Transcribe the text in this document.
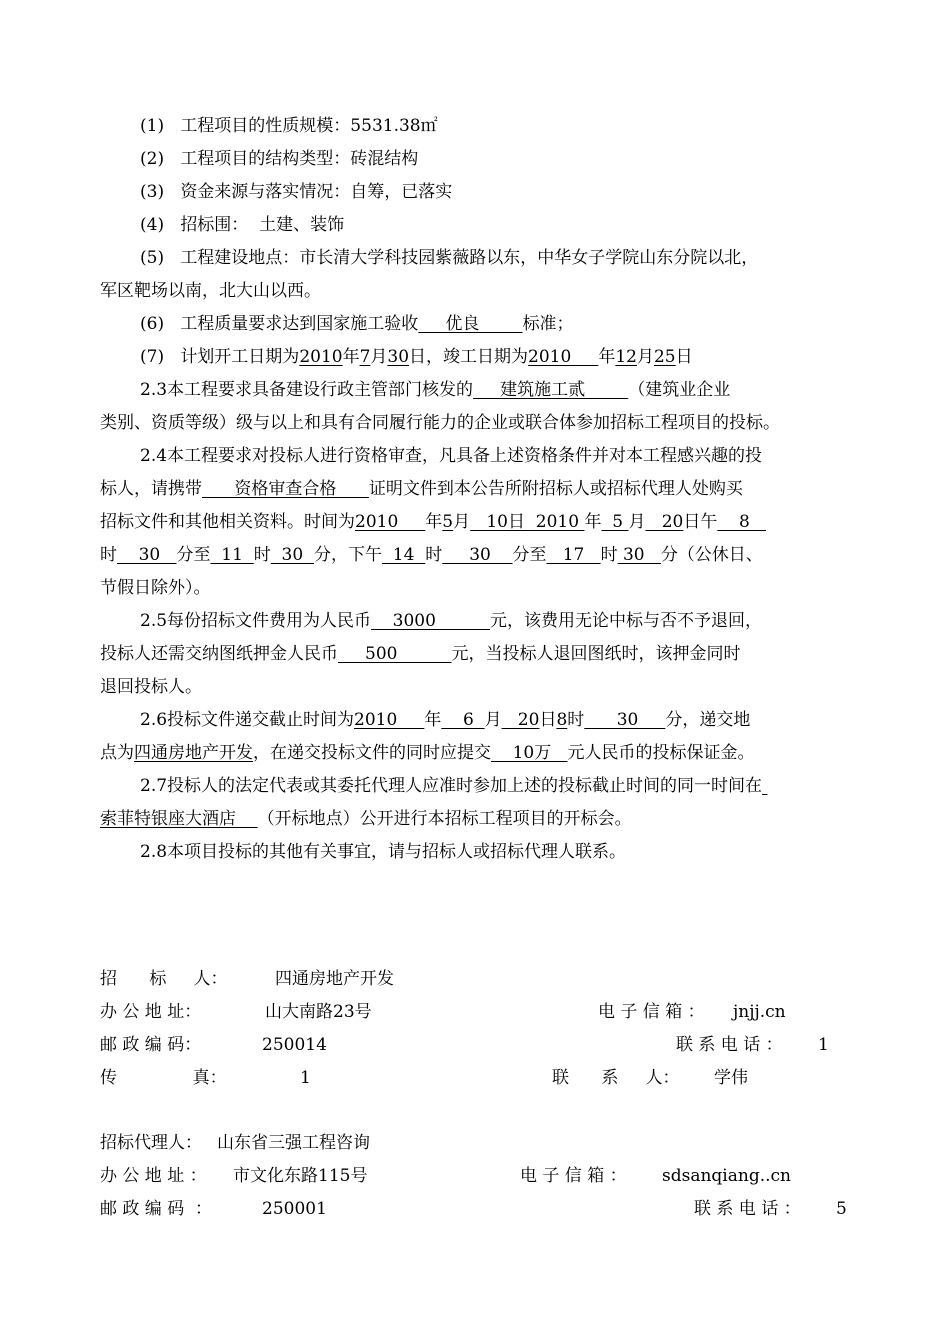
(1) 工程项目的性质规模：5531.38㎡
(2) 工程项目的结构类型：砖混结构
(3) 资金来源与落实情况：自筹，已落实
(4) 招标围：  土建、装饰
(5) 工程建设地点：市长清大学科技园紫薇路以东，中华女子学院山东分院以北，
军区靶场以南，北大山以西。
(6) 工程质量要求达到国家施工验收     优良        标准；
(7) 计划开工日期为2010年7月30日，竣工日期为2010     年12月25日
2.3本工程要求具备建设行政主管部门核发的     建筑施工贰        （建筑业企业
类别、资质等级）级与以上和具有合同履行能力的企业或联合体参加招标工程项目的投标。
2.4本工程要求对投标人进行资格审查，凡具备上述资格条件并对本工程感兴趣的投
标人，请携带      资格审查合格      证明文件到本公告所附招标人或招标代理人处购买
招标文件和其他相关资料。时间为2010     年5月   10日  2010 年  5 月   20日午    8
时    30   分至  11  时  30  分，下午  14  时     30    分至   17   时 30   分（公休日、
节假日除外）。
2.5每份招标文件费用为人民币    3000          元，该费用无论中标与否不予退回，
投标人还需交纳图纸押金人民币     500          元，当投标人退回图纸时，该押金同时
退回投标人。
2.6投标文件递交截止时间为2010     年    6  月   20日8时      30     分，递交地
点为四通房地产开发，在递交投标文件的同时应提交    10万   元人民币的投标保证金。
2.7投标人的法定代表或其委托代理人应准时参加上述的投标截止时间的同一时间在
索菲特银座大酒店    （开标地点）公开进行本招标工程项目的开标会。
2.8本项目投标的其他有关事宜，请与招标人或招标代理人联系。
招      标     人：	四通房地产开发
办 公 地 址：	山大南路23号	电 子 信 箱 ： jnjj.cn
邮 政 编 码：	250014	联 系 电 话 ： 1
传              真：	1	联      系     人： 学伟
招标代理人： 山东省三强工程咨询
办 公 地 址 ： 市文化东路115号	电 子 信 箱 ： sdsanqiang..cn
邮 政 编 码  ：	250001	联 系 电 话 ： 5
